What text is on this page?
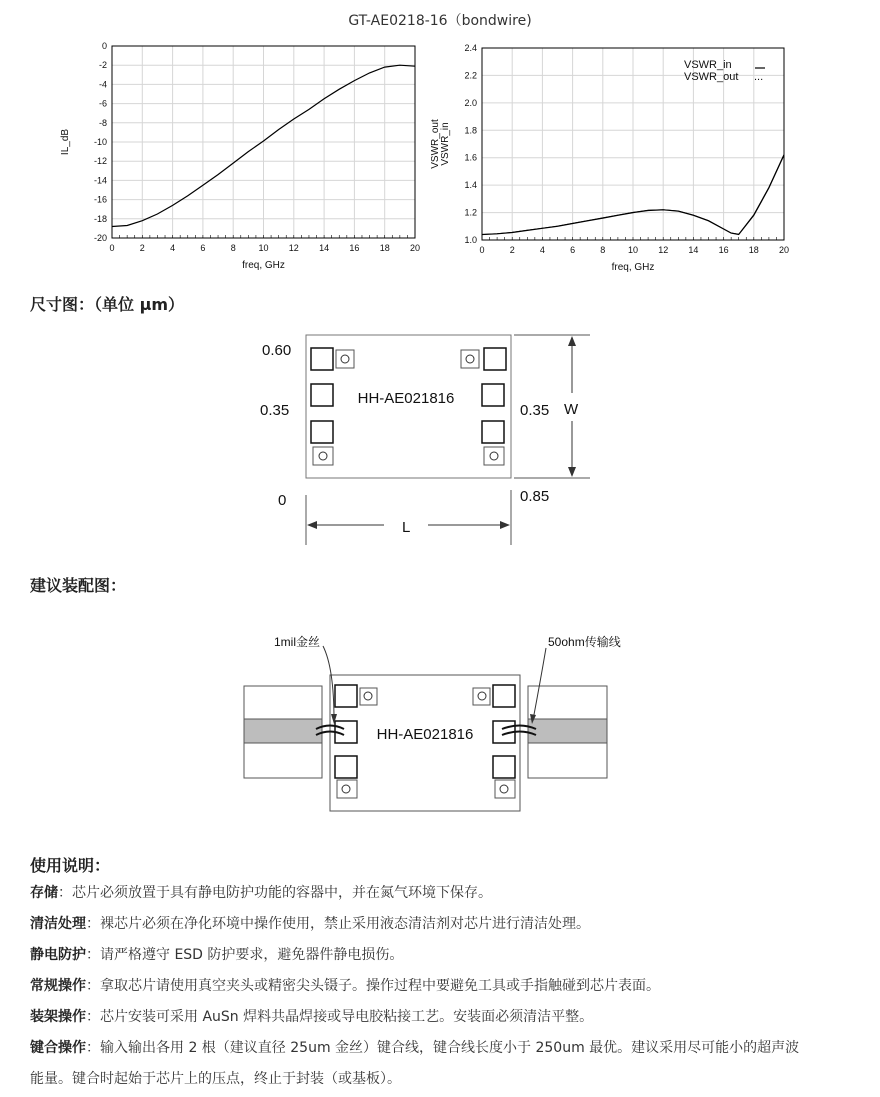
GT-AE0218-16（bondwire)
0	2	4	6	8	10 12 14 16 18 20
0
-2
-4
-6
-8
-10
-12
-14
-16
-18
-20
freq, GHz
IL_dB
0	2	4	6	8	10 12 14 16 18 20
1.0
1.2
1.4
1.6
1.8
2.0
2.2
2.4
freq, GHz
VSWR_out VSWR_in
VSWR_in
VSWR_out ...
尺寸图：（单位 μm）
HH-AE021816
0.60
0.35	0.35
0	0.85
W
L
建议装配图：
HH-AE021816
1mil金丝	50ohm传输线
使用说明：
存储：芯片必须放置于具有静电防护功能的容器中，并在氮气环境下保存。
清洁处理：裸芯片必须在净化环境中操作使用，禁止采用液态清洁剂对芯片进行清洁处理。
静电防护：请严格遵守 ESD 防护要求，避免器件静电损伤。
常规操作：拿取芯片请使用真空夹头或精密尖头镊子。操作过程中要避免工具或手指触碰到芯片表面。
装架操作：芯片安装可采用 AuSn 焊料共晶焊接或导电胶粘接工艺。安装面必须清洁平整。
键合操作：输入输出各用 2 根（建议直径 25um 金丝）键合线，键合线长度小于 250um 最优。建议采用尽可能小的超声波
能量。键合时起始于芯片上的压点，终止于封装（或基板）。
